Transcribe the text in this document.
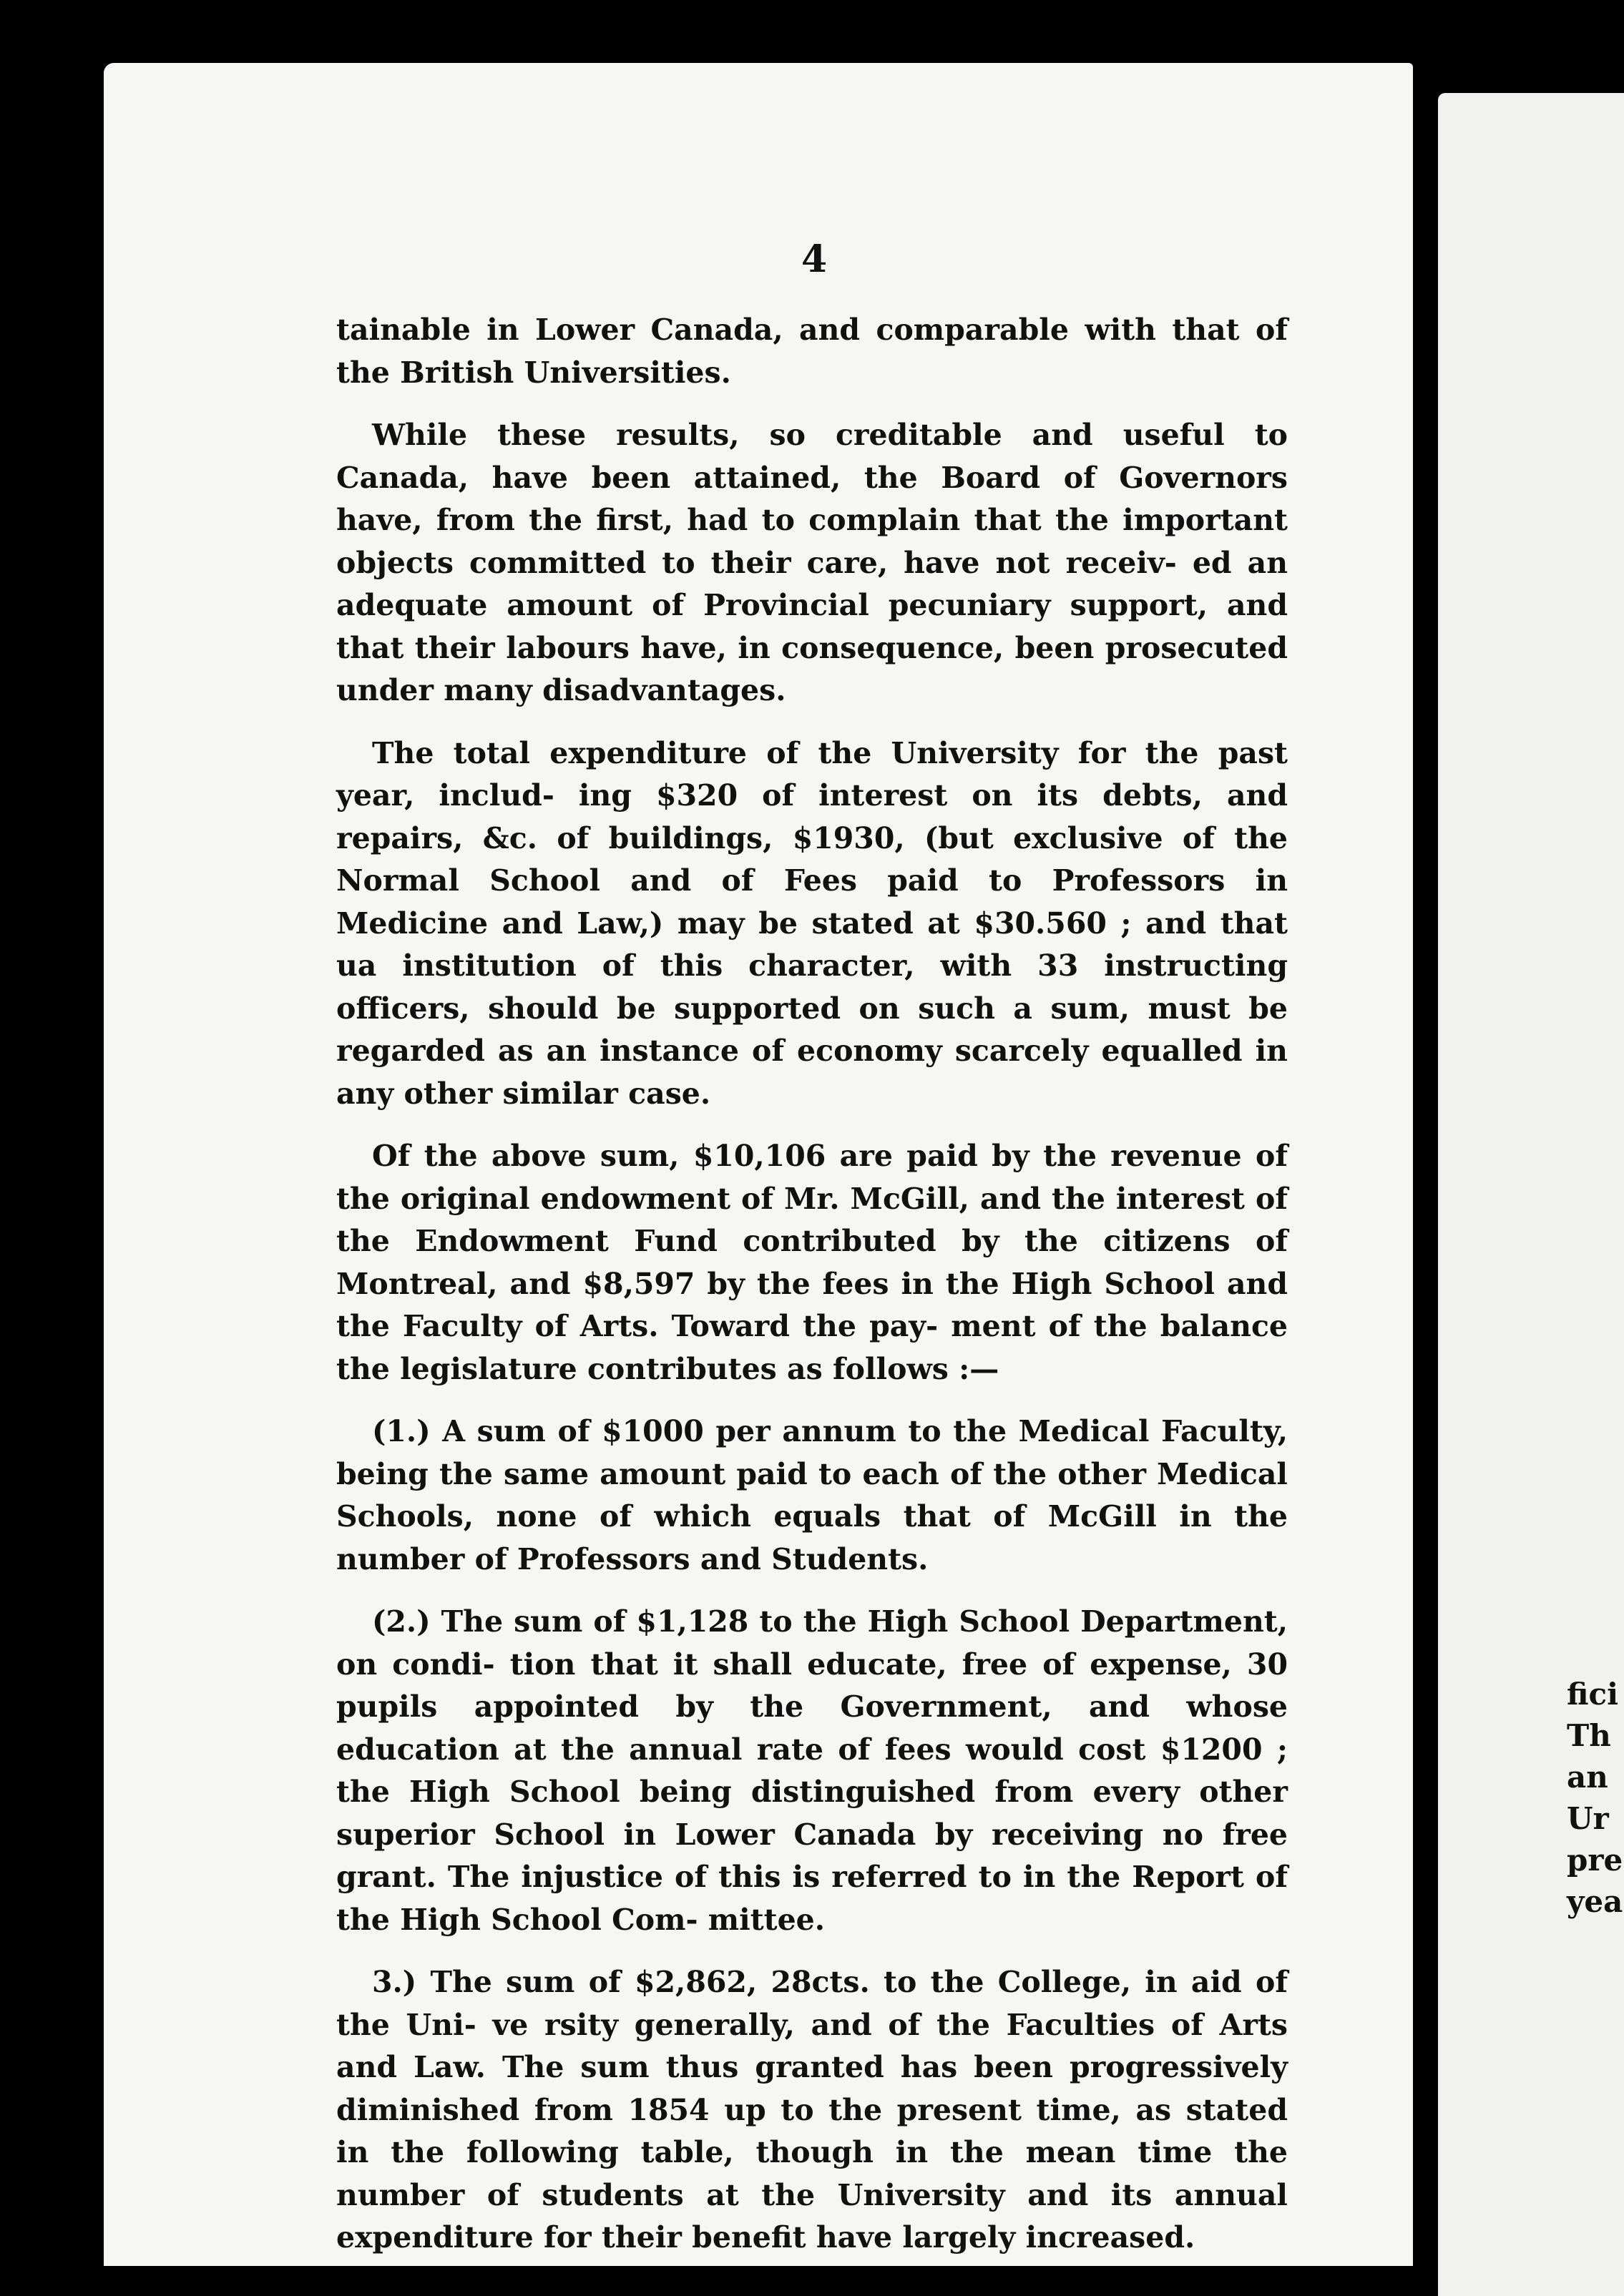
fici
Th
an
Ur
pre
yea
4

tainable in Lower Canada, and comparable with that of the British Universities.

While these results, so creditable and useful to Canada, have been attained, the Board of Governors have, from the first, had to complain that the important objects committed to their care, have not receiv- ed an adequate amount of Provincial pecuniary support, and that their labours have, in consequence, been prosecuted under many disadvantages.

The total expenditure of the University for the past year, includ- ing $320 of interest on its debts, and repairs, &c. of buildings, $1930, (but exclusive of the Normal School and of Fees paid to Professors in Medicine and Law,) may be stated at $30.560 ; and that ua institution of this character, with 33 instructing officers, should be supported on such a sum, must be regarded as an instance of economy scarcely equalled in any other similar case.

Of the above sum, $10,106 are paid by the revenue of the original endowment of Mr. McGill, and the interest of the Endowment Fund contributed by the citizens of Montreal, and $8,597 by the fees in the High School and the Faculty of Arts. Toward the pay- ment of the balance the legislature contributes as follows :—

(1.) A sum of $1000 per annum to the Medical Faculty, being the same amount paid to each of the other Medical Schools, none of which equals that of McGill in the number of Professors and Students.

(2.) The sum of $1,128 to the High School Department, on condi- tion that it shall educate, free of expense, 30 pupils appointed by the Government, and whose education at the annual rate of fees would cost $1200 ; the High School being distinguished from every other superior School in Lower Canada by receiving no free grant. The injustice of this is referred to in the Report of the High School Com- mittee.

3.) The sum of $2,862, 28cts. to the College, in aid of the Uni- ve rsity generally, and of the Faculties of Arts and Law. The sum thus granted has been progressively diminished from 1854 up to the present time, as stated in the following table, though in the mean time the number of students at the University and its annual expenditure for their benefit have largely increased.
